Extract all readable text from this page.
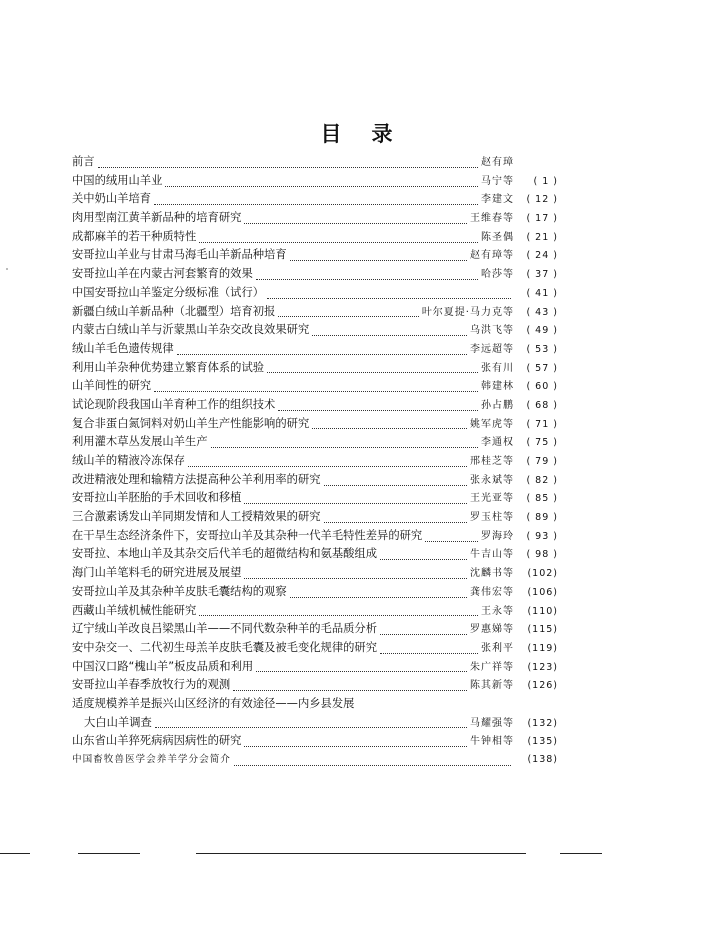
目录
前言	赵有璋
中国的绒用山羊业	马宁等	( 1 )
关中奶山羊培育	李建文	( 12 )
肉用型南江黄羊新品种的培育研究	王维春等	( 17 )
成都麻羊的若干种质特性	陈圣偶	( 21 )
安哥拉山羊业与甘肃马海毛山羊新品种培育	赵有璋等	( 24 )
安哥拉山羊在内蒙古河套繁育的效果	哈莎等	( 37 )
中国安哥拉山羊鉴定分级标准（试行）	( 41 )
新疆白绒山羊新品种（北疆型）培育初报	叶尔夏提·马力克等	( 43 )
内蒙古白绒山羊与沂蒙黑山羊杂交改良效果研究	乌洪飞等	( 49 )
绒山羊毛色遗传规律	李远超等	( 53 )
利用山羊杂种优势建立繁育体系的试验	张有川	( 57 )
山羊间性的研究	韩建林	( 60 )
试论现阶段我国山羊育种工作的组织技术	孙占鹏	( 68 )
复合非蛋白氮饲料对奶山羊生产性能影响的研究	姚军虎等	( 71 )
利用灌木草丛发展山羊生产	李通权	( 75 )
绒山羊的精液冷冻保存	邢桂芝等	( 79 )
改进精液处理和输精方法提高种公羊利用率的研究	张永斌等	( 82 )
安哥拉山羊胚胎的手术回收和移植	王光亚等	( 85 )
三合激素诱发山羊同期发情和人工授精效果的研究	罗玉柱等	( 89 )
在干旱生态经济条件下，安哥拉山羊及其杂种一代羊毛特性差异的研究	罗海玲	( 93 )
安哥拉、本地山羊及其杂交后代羊毛的超微结构和氨基酸组成	牛吉山等	( 98 )
海门山羊笔料毛的研究进展及展望	沈麟书等	(102)
安哥拉山羊及其杂种羊皮肤毛囊结构的观察	龚伟宏等	(106)
西藏山羊绒机械性能研究	王永等	(110)
辽宁绒山羊改良吕梁黑山羊——不同代数杂种羊的毛品质分析	罗惠娣等	(115)
安中杂交一、二代初生母羔羊皮肤毛囊及被毛变化规律的研究	张利平	(119)
中国汉口路“槐山羊”板皮品质和利用	朱广祥等	(123)
安哥拉山羊春季放牧行为的观测	陈其新等	(126)
适度规模养羊是振兴山区经济的有效途径——内乡县发展
大白山羊调查	马耀强等	(132)
山东省山羊猝死病病因病性的研究	牛钟相等	(135)
中国畜牧兽医学会养羊学分会简介	(138)
